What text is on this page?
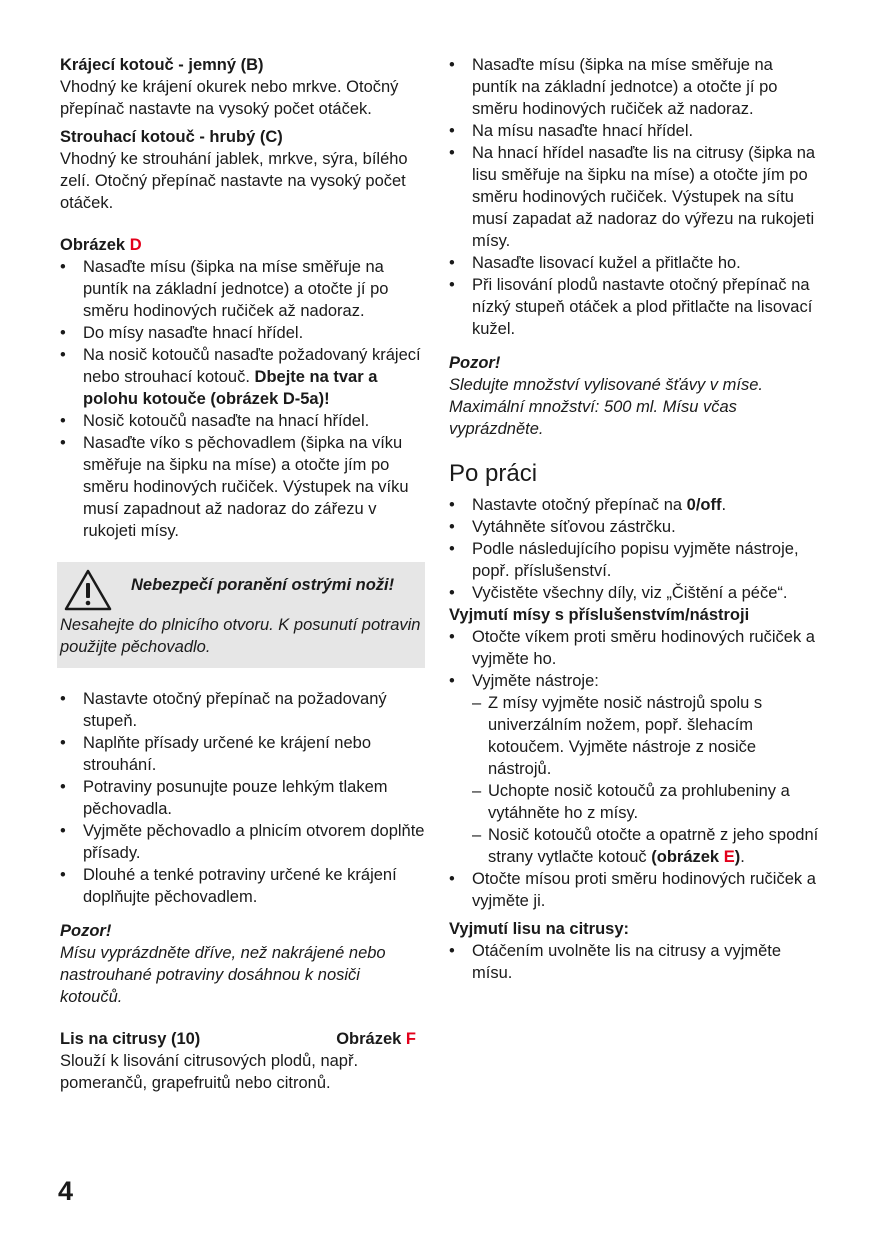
Krájecí kotouč - jemný (B)

Vhodný ke krájení okurek nebo mrkve. Otočný přepínač nastavte na vysoký počet otáček.

Strouhací kotouč - hrubý (C)

Vhodný ke strouhání jablek, mrkve, sýra, bílého zelí. Otočný přepínač nastavte na vysoký počet otáček.

Obrázek D

• Nasaďte mísu (šipka na míse směřuje na puntík na základní jednotce) a otočte jí po směru hodinových ručiček až nadoraz.
• Do mísy nasaďte hnací hřídel.
• Na nosič kotoučů nasaďte požadovaný krájecí nebo strouhací kotouč. Dbejte na tvar a polohu kotouče (obrázek D-5a)!
• Nosič kotoučů nasaďte na hnací hřídel.
• Nasaďte víko s pěchovadlem (šipka na víku směřuje na šipku na míse) a otočte jím po směru hodinových ručiček. Výstupek na víku musí zapadnout až nadoraz do zářezu v rukojeti mísy.

Nebezpečí poranění ostrými noži!

Nesahejte do plnicího otvoru. K posunutí potravin použijte pěchovadlo.

• Nastavte otočný přepínač na požadovaný stupeň.
• Naplňte přísady určené ke krájení nebo strouhání.
• Potraviny posunujte pouze lehkým tlakem pěchovadla.
• Vyjměte pěchovadlo a plnicím otvorem doplňte přísady.
• Dlouhé a tenké potraviny určené ke krájení doplňujte pěchovadlem.

Pozor!

Mísu vyprázdněte dříve, než nakrájené nebo nastrouhané potraviny dosáhnou k nosiči kotoučů.

Lis na citrusy (10)	Obrázek F

Slouží k lisování citrusových plodů, např. pomerančů, grapefruitů nebo citronů.

• Nasaďte mísu (šipka na míse směřuje na puntík na základní jednotce) a otočte jí po směru hodinových ručiček až nadoraz.
• Na mísu nasaďte hnací hřídel.
• Na hnací hřídel nasaďte lis na citrusy (šipka na lisu směřuje na šipku na míse) a otočte jím po směru hodinových ručiček. Výstupek na sítu musí zapadat až nadoraz do výřezu na rukojeti mísy.
• Nasaďte lisovací kužel a přitlačte ho.
• Při lisování plodů nastavte otočný přepínač na nízký stupeň otáček a plod přitlačte na lisovací kužel.

Pozor!

Sledujte množství vylisované šťávy v míse. Maximální množství: 500 ml. Mísu včas vyprázdněte.

Po práci
• Nastavte otočný přepínač na 0/off.
• Vytáhněte síťovou zástrčku.
• Podle následujícího popisu vyjměte nástroje, popř. příslušenství.
• Vyčistěte všechny díly, viz „Čištění a péče“.

Vyjmutí mísy s příslušenstvím/nástroji

• Otočte víkem proti směru hodinových ručiček a vyjměte ho.
• Vyjměte nástroje:
– Z mísy vyjměte nosič nástrojů spolu s univerzálním nožem, popř. šlehacím kotoučem. Vyjměte nástroje z nosiče nástrojů.
– Uchopte nosič kotoučů za prohlubeniny a vytáhněte ho z mísy.
– Nosič kotoučů otočte a opatrně z jeho spodní strany vytlačte kotouč (obrázek E).
• Otočte mísou proti směru hodinových ručiček a vyjměte ji.

Vyjmutí lisu na citrusy:

• Otáčením uvolněte lis na citrusy a vyjměte mísu.
4
